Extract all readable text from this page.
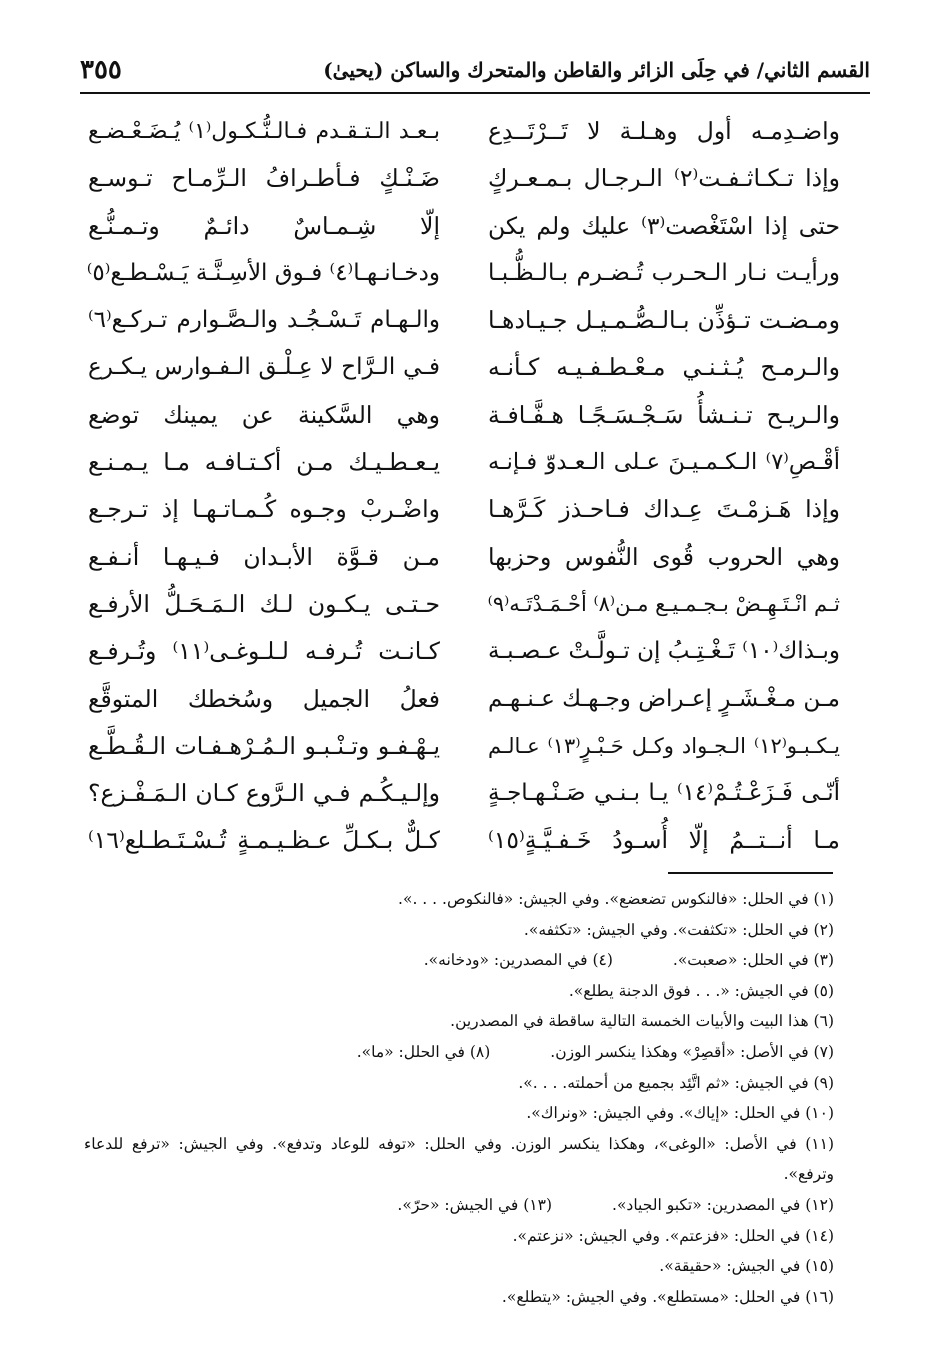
٣٥٥	القسم الثاني/ في حِلَى الزائر والقاطن والمتحرك والساكن (يحيىٰ)
واضـدِمـه أول وهـلـة لا تَــرْتَــدِع
وإذا تـكـاثـفـت⁽٢⁾ الـرجـال بـمـعـركٍ
حتى إذا اسْتَغْصت⁽٣⁾ عليك ولم يكن
ورأيـت نـار الـحـرب تُـضـرم بـالـظُّـبـا
ومـضـت تـؤذِّن بـالـصُّـمـيـل جـيـادهـا
والـرمـح يُـثـنـي مـعْـطـفـيـه كـأنـه
والـريـح تـنـشأُ سَـجْـسَـجًـا هـفَّـافـة
أقْـصِ⁽٧⁾ الـكـمـيـنَ عـلى الـعـدوّ فـإنـه
وإذا هَـزمْـتَ عِـداك فـاحـذز كَـرَّهـا
وهي الحروب قُوى النُّفوس وحزبها
ثـم انْـتَـهِـضْ بـجـمـيـع مـن⁽٨⁾ أحْـمَـدْتَـه⁽٩⁾
وبـذاك⁽١٠⁾ تَـغْـتِـبُ إن تـولَّـتْ عـصـبـة
مـن مـغْـشَـرٍ إعـراض وجـهـك عـنـهـم
يـكـبـو⁽١٢⁾ الـجـواد وكـل حَـبْـرٍ⁽١٣⁾ عـالـم
أنّـى فَـزَعْـتُـمْ⁽١٤⁾ يـا بـنـي صَـنْـهـاجـةٍ
مـا أنــتــمُ إلّا أُسـودُ خَـفـيَّـةٍ⁽١٥⁾
بـعـد الـتـقـدم فـالـنُّـكـول⁽١⁾ يُـضَـعْـضـع
ضَـنْـكٍ فـأطـرافُ الـرِّمـاح تـوسـع
إلّا شِـمـاسٌ دائـمٌ وتـمـنُّـع
ودخـانـهـا⁽٤⁾ فـوق الأسِـنَّـة يَـسْـطـع⁽٥⁾
والـهـام تَـسْـجُـد والـصَّـوارم تـركـع⁽٦⁾
فـي الـرَّاح لا عِـلْـق الـفـوارس يـكـرع
وهي السَّكينة عن يمينك توضع
يـعـطـيـك مـن أكـتـافـه مـا يـمـنـع
واضْـربْ وجـوه كُـمـاتـهـا إذ تـرجـع
مـن قـوَّة الأبـدان فـيـهـا أنـفـع
حـتـى يـكـون لـك الـمَـحَـلُّ الأرفـع
كـانـت تُـرفـه لـلـوغـى⁽١١⁾ وتُـرفـع
فعلُ الجميل وسُخطك المتوقَّع
يـهْـفـو وتـنْـبـو الـمُـرْهـفـات الـقُـطَّـع
وإلـيـكُـم فـي الـرَّوع كـان الـمَـفْـزع؟
كـلٌّ بـكـلِّ عـظـيـمـةٍ تُـسْـتَـطـلع⁽١٦⁾
(١) في الحلل: «فالنكوس تضعضع». وفي الجيش: «فالنكوص. . . .».
(٢) في الحلل: «تكثفت». وفي الجيش: «تكثفه».
(٣) في الحلل: «صعبت».(٤) في المصدرين: «ودخانه».
(٥) في الجيش: «. . . فوق الدجنة يطلع».
(٦) هذا البيت والأبيات الخمسة التالية ساقطة في المصدرين.
(٧) في الأصل: «أقصِرْ» وهكذا ينكسر الوزن.(٨) في الحلل: «ما».
(٩) في الجيش: «ثم اتَّئِد بجميع من أحملته. . . .».
(١٠) في الحلل: «إياك». وفي الجيش: «ونراك».
(١١) في الأصل: «الوغى»، وهكذا ينكسر الوزن. وفي الحلل: «توفه للوعاد وتدفع». وفي الجيش: «ترفع للدعاء وترفع».
(١٢) في المصدرين: «تكبو الجياد».(١٣) في الجيش: «حرّ».
(١٤) في الحلل: «فزعتم». وفي الجيش: «نزعتم».
(١٥) في الجيش: «حقيقة».
(١٦) في الحلل: «مستطلع». وفي الجيش: «يتطلع».
